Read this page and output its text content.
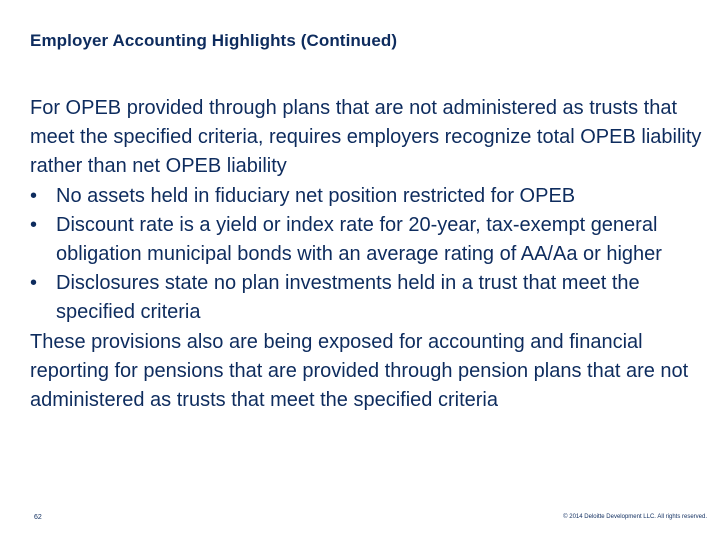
Employer Accounting Highlights (Continued)

For OPEB provided through plans that are not administered as trusts that meet the specified criteria, requires employers recognize total OPEB liability rather than net OPEB liability

• No assets held in fiduciary net position restricted for OPEB
• Discount rate is a yield or index rate for 20-year, tax-exempt general obligation municipal bonds with an average rating of AA/Aa or higher
• Disclosures state no plan investments held in a trust that meet the specified criteria

These provisions also are being exposed for accounting and financial reporting for pensions that are provided through pension plans that are not administered as trusts that meet the specified criteria

62	© 2014 Deloitte Development LLC. All rights reserved.
